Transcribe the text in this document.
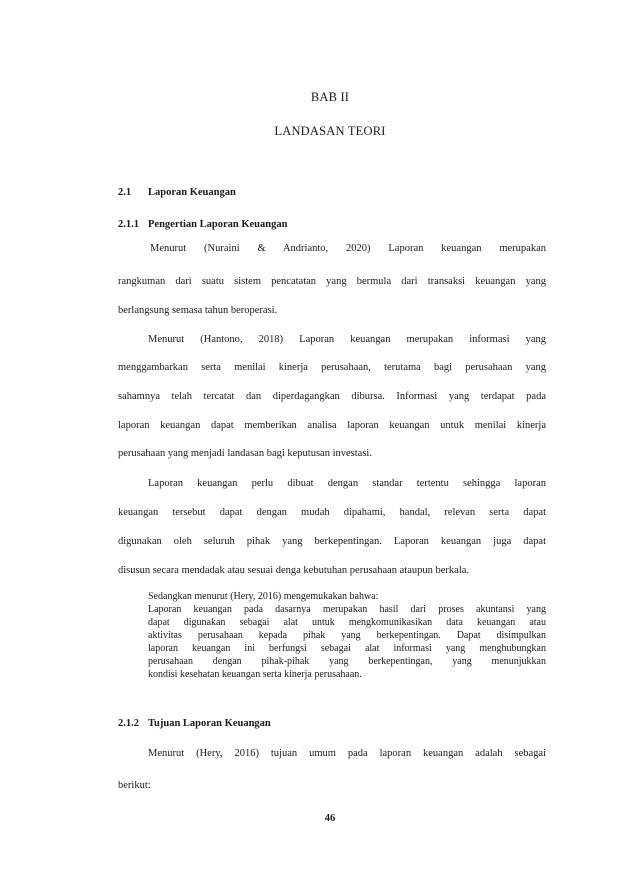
BAB II
LANDASAN TEORI
2.1 Laporan Keuangan
2.1.1 Pengertian Laporan Keuangan
Menurut (Nuraini & Andrianto, 2020) Laporan keuangan merupakan
rangkuman dari suatu sistem pencatatan yang bermula dari transaksi keuangan yang
berlangsung semasa tahun beroperasi.
Menurut (Hantono, 2018) Laporan keuangan merupakan informasi yang
menggambarkan serta menilai kinerja perusahaan, terutama bagi perusahaan yang
sahamnya telah tercatat dan diperdagangkan dibursa. Informasi yang terdapat pada
laporan keuangan dapat memberikan analisa laporan keuangan untuk menilai kinerja
perusahaan yang menjadi landasan bagi keputusan investasi.
Laporan keuangan perlu dibuat dengan standar tertentu sehingga laporan
keuangan tersebut dapat dengan mudah dipahami, handal, relevan serta dapat
digunakan oleh seluruh pihak yang berkepentingan. Laporan keuangan juga dapat
disusun secara mendadak atau sesuai denga kebutuhan perusahaan ataupun berkala.
Sedangkan menurut (Hery, 2016) mengemukakan bahwa:
Laporan keuangan pada dasarnya merupakan hasil dari proses akuntansi yang
dapat digunakan sebagai alat untuk mengkomunikasikan data keuangan atau
aktivitas perusahaan kepada pihak yang berkepentingan. Dapat disimpulkan
laporan keuangan ini berfungsi sebagai alat informasi yang menghubungkan
perusahaan dengan pihak-pihak yang berkepentingan, yang menunjukkan
kondisi kesehatan keuangan serta kinerja perusahaan.
2.1.2 Tujuan Laporan Keuangan
Menurut (Hery, 2016) tujuan umum pada laporan keuangan adalah sebagai
berikut:
46
